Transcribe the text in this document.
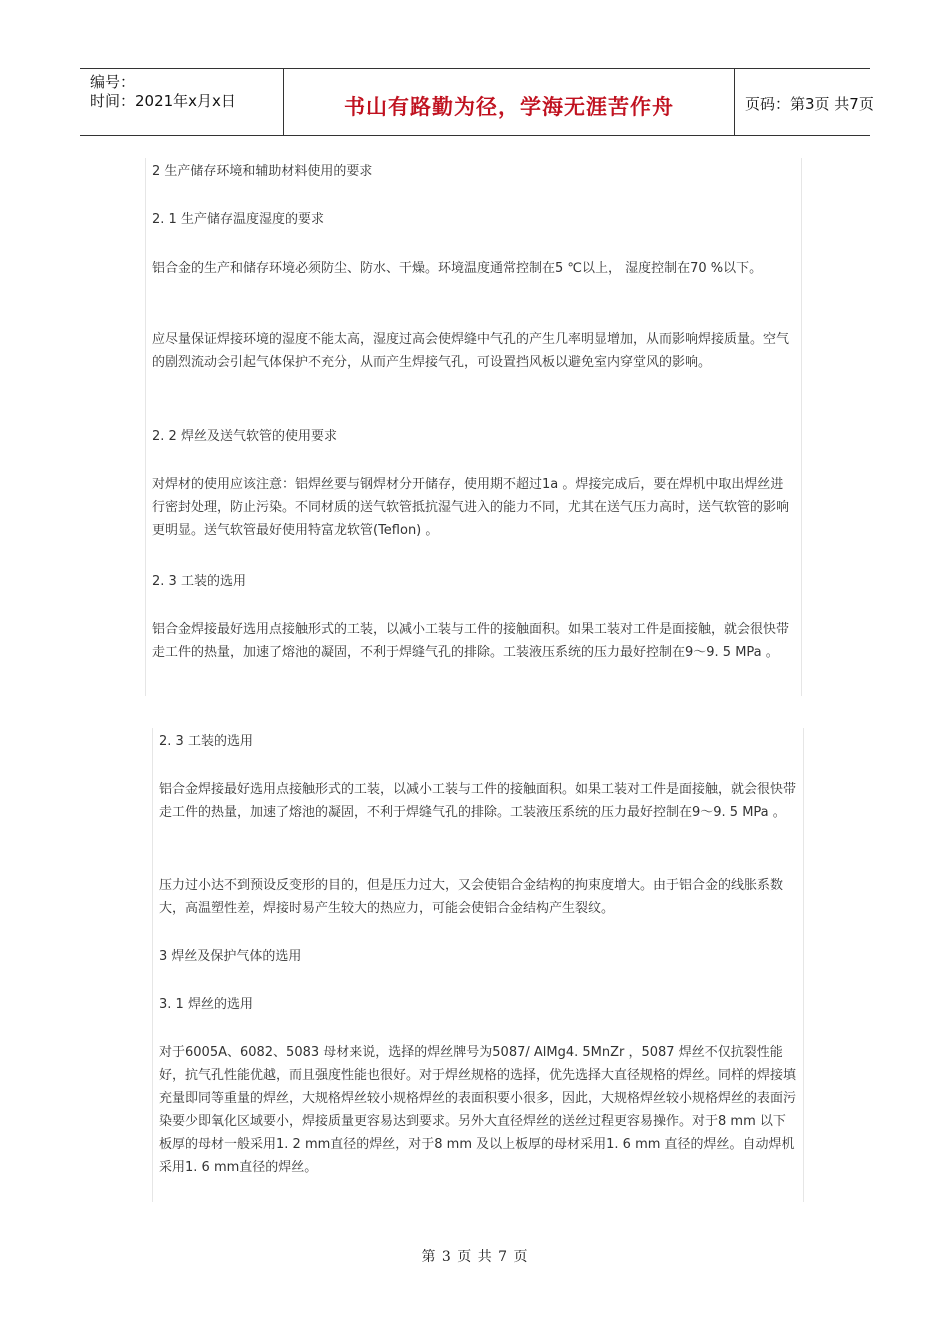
编号：
时间：2021年x月x日	书山有路勤为径，学海无涯苦作舟	页码：第3页 共7页
2 生产储存环境和辅助材料使用的要求
2. 1 生产储存温度湿度的要求
铝合金的生产和储存环境必须防尘、防水、干燥。环境温度通常控制在5 ℃以上， 湿度控制在70 %以下。
应尽量保证焊接环境的湿度不能太高，湿度过高会使焊缝中气孔的产生几率明显增加，从而影响焊接质量。空气的剧烈流动会引起气体保护不充分，从而产生焊接气孔，可设置挡风板以避免室内穿堂风的影响。
2. 2 焊丝及送气软管的使用要求
对焊材的使用应该注意：铝焊丝要与钢焊材分开储存，使用期不超过1a 。焊接完成后，要在焊机中取出焊丝进行密封处理，防止污染。不同材质的送气软管抵抗湿气进入的能力不同，尤其在送气压力高时，送气软管的影响更明显。送气软管最好使用特富龙软管(Teflon) 。
2. 3 工装的选用
铝合金焊接最好选用点接触形式的工装，以减小工装与工件的接触面积。如果工装对工件是面接触，就会很快带走工件的热量，加速了熔池的凝固，不利于焊缝气孔的排除。工装液压系统的压力最好控制在9～9. 5 MPa 。
2. 3 工装的选用
铝合金焊接最好选用点接触形式的工装，以减小工装与工件的接触面积。如果工装对工件是面接触，就会很快带走工件的热量，加速了熔池的凝固，不利于焊缝气孔的排除。工装液压系统的压力最好控制在9～9. 5 MPa 。
压力过小达不到预设反变形的目的，但是压力过大，又会使铝合金结构的拘束度增大。由于铝合金的线胀系数大，高温塑性差，焊接时易产生较大的热应力，可能会使铝合金结构产生裂纹。
3 焊丝及保护气体的选用
3. 1 焊丝的选用
对于6005A、6082、5083 母材来说，选择的焊丝牌号为5087/ AlMg4. 5MnZr ，5087 焊丝不仅抗裂性能好，抗气孔性能优越，而且强度性能也很好。对于焊丝规格的选择，优先选择大直径规格的焊丝。同样的焊接填充量即同等重量的焊丝，大规格焊丝较小规格焊丝的表面积要小很多，因此，大规格焊丝较小规格焊丝的表面污染要少即氧化区域要小，焊接质量更容易达到要求。另外大直径焊丝的送丝过程更容易操作。对于8 mm 以下板厚的母材一般采用1. 2 mm直径的焊丝，对于8 mm 及以上板厚的母材采用1. 6 mm 直径的焊丝。自动焊机采用1. 6 mm直径的焊丝。
第 3 页 共 7 页
